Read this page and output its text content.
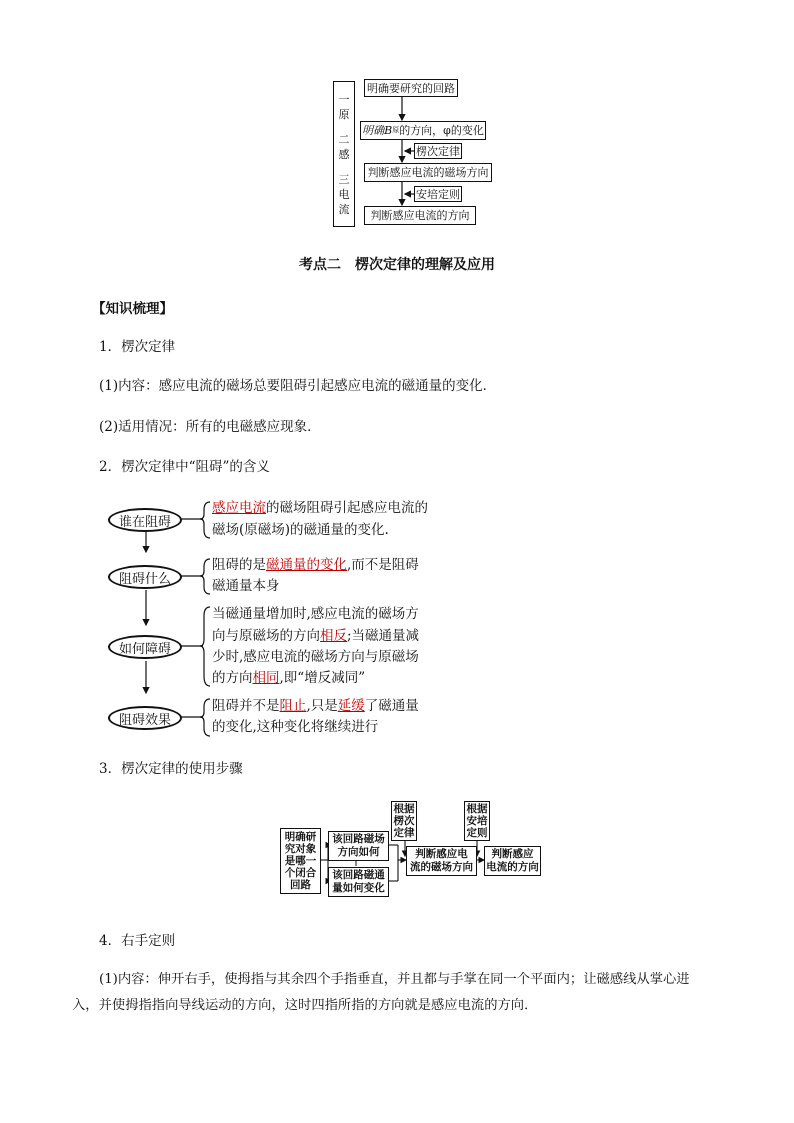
一
原
二
感
三
电
流
明确要研究的回路
明确B 原 的方向，φ的变化
楞次定律
判断感应电流的磁场方向
安培定则
判断感应电流的方向
考点二　楞次定律的理解及应用
【知识梳理】
1．楞次定律
(1)内容：感应电流的磁场总要阻碍引起感应电流的磁通量的变化．
(2)适用情况：所有的电磁感应现象．
2．楞次定律中“阻碍”的含义
谁在阻碍
阻碍什么
如何障碍
阻碍效果
感应电流的磁场阻碍引起感应电流的
磁场(原磁场)的磁通量的变化.
阻碍的是磁通量的变化,而不是阻碍
磁通量本身
当磁通量增加时,感应电流的磁场方
向与原磁场的方向相反;当磁通量减
少时,感应电流的磁场方向与原磁场
的方向相同,即“增反减同”
阻碍并不是阻止,只是延缓了磁通量
的变化,这种变化将继续进行
3．楞次定律的使用步骤
明确研
究对象
是哪一
个闭合
回路
该回路磁场
方向如何
该回路磁通
量如何变化
根据
楞次
定律
判断感应电
流的磁场方向
根据
安培
定则
判断感应
电流的方向
4．右手定则
(1)内容：伸开右手，使拇指与其余四个手指垂直，并且都与手掌在同一个平面内；让磁感线从掌心进
入，并使拇指指向导线运动的方向，这时四指所指的方向就是感应电流的方向．
